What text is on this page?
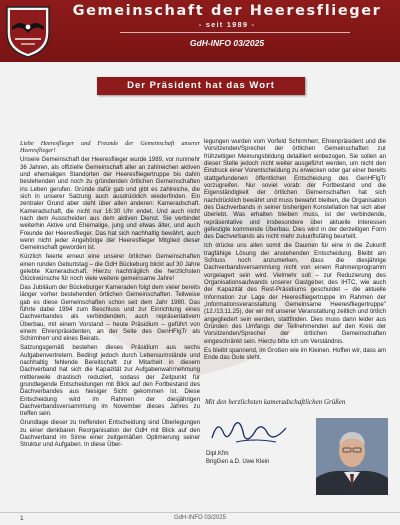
Gemeinschaft der Heeresflieger
- seit 1989 -
GdH-INFO 03/2025
Der Präsident hat das Wort

Liebe Heeresflieger und Freunde der Gemeinschaft unserer Heeresflieger!

Unsere Gemeinschaft der Heeresflieger wurde 1989, vor nunmehr 36 Jahren, als offizielle Gemeinschaft aller an zahlreichen aktiven und ehemaligen Standorten der Heeresfliegertruppe bis dahin bestehenden und noch zu gründenden örtlichen Gemeinschaften ins Leben gerufen. Gründe dafür gab und gibt es zahlreiche, die sich in unserer Satzung auch ausdrücklich wiederfinden. Ein zentraler Grund aber steht über allen anderen: Kameradschaft. Kameradschaft, die nicht nur 16:30 Uhr endet. Und auch nicht nach dem Ausscheiden aus dem aktiven Dienst. Sie verbindet weiterhin Aktive und Ehemalige, jung und etwas älter, und auch Freunde der Heeresflieger. Das hat sich nachhaltig bewährt, auch wenn nicht jeder Angehörige der Heeresflieger Mitglied dieser Gemeinschaft geworden ist.

Kürzlich feierte erneut eine unserer örtlichen Gemeinschaften einen runden Geburtstag – die GdH Bückeburg blickt auf 30 Jahre gelebte Kameradschaft. Hierzu nachträglich die herzlichsten Glückwünsche für noch viele weitere gemeinsame Jahre!

Das Jubiläum der Bückeburger Kameraden folgt dem vieler bereits länger vorher bestehenden örtlichen Gemeinschaften. Teilweise gab es diese Gemeinschaften schon seit dem Jahr 1980. Das führte dabei 1994 zum Beschluss und zur Einrichtung eines Dachverbandes als verbindendem, auch repräsentativem Überbau, mit einem Vorstand – heute Präsidium – geführt von einem Ehrenpräsidenten, an der Seite des GenHFlgTr als Schirmherr und eines Beirats.

Satzungsgemäß bestehen dieses Präsidium aus sechs Aufgabenvertretern. Bedingt jedoch durch Lebensumstände und nachhaltig fehlende Bereitschaft zur Mitarbeit in diesem Dachverband hat sich die Kapazität zur Aufgabenwahrnehmung mittlerweile drastisch reduziert, sodass der Zeitpunkt für grundlegende Entscheidungen mit Blick auf den Fortbestand des Dachverbandes aus hiesiger Sicht gekommen ist. Diese Entscheidung wird im Rahmen der diesjährigen Dachverbandsversammlung im November dieses Jahres zu treffen sein.

Grundlage dieser zu treffenden Entscheidung sind Überlegungen zu einer denkbaren Reorganisation der GdH mit Blick auf den Dachverband im Sinne einer zeitgemäßen Optimierung seiner Struktur und Aufgaben. In diese Über-

legungen wurden vom Vorfeld Schirmherr, Ehrenpräsident und die Vorsitzenden/Sprecher der örtlichen Gemeinschaften zur frühzeitigen Meinungsbildung detailliert einbezogen. Sie sollen an dieser Stelle jedoch nicht weiter ausgeführt werden, um nicht den Eindruck einer Vorentscheidung zu erwecken oder gar einer bereits stattgefundenen öffentlichen Entscheidung des GenHFlgTr vorzugreifen. Nur soviel vorab: der Fortbestand und die Eigenständigkeit der örtlichen Gemeinschaften hat sich nachdrücklich bewährt und muss bewahrt bleiben, die Organisation des Dachverbands in seiner bisherigen Konstellation hat sich aber überlebt. Was erhalten bleiben muss, ist der verbindende, repräsentative und insbesondere über aktuelle Interessen gefestigte kommende Überbau. Dies wird in der derzeitigen Form des Dachverbands als nicht mehr zukunftsfähig beurteilt.

Ich drücke uns allen somit die Daumen für eine in die Zukunft tragfähige Lösung der anstehenden Entscheidung. Bleibt am Schluss noch anzumerken, dass die diesjährige Dachverbandsversammlung nicht von einem Rahmenprogramm vorgelagert sein wird. Vielmehr soll – zur Reduzierung des Organisationsaufwands unserer Gastgeber, des IHTC, wie auch der Kapazität des Rest-Präsidiums geschuldet – die aktuelle Information zur Lage der Heeresfliegertruppe im Rahmen der „Informationsveranstaltung Gemeinsame Heeresfliegertruppe" (12./13.11.25), der wir mit unserer Veranstaltung zeitlich und örtlich angegliedert sein werden, stattfinden. Dies muss dann leider aus Gründen des Umfangs der Teilnehmenden auf den Kreis der Vorsitzenden/Sprecher der örtlichen Gemeinschaften eingeschränkt sein. Hierzu bitte ich um Verständnis.

Es bleibt spannend, im Großen wie im Kleinen. Hoffen wir, dass am Ende das Gute steht.

Mit den herzlichsten kameradschaftlichen Grüßen
Dipl.Kfm
BrigGen a.D. Uwe Klein
1	GdH-INFO 03/2025
